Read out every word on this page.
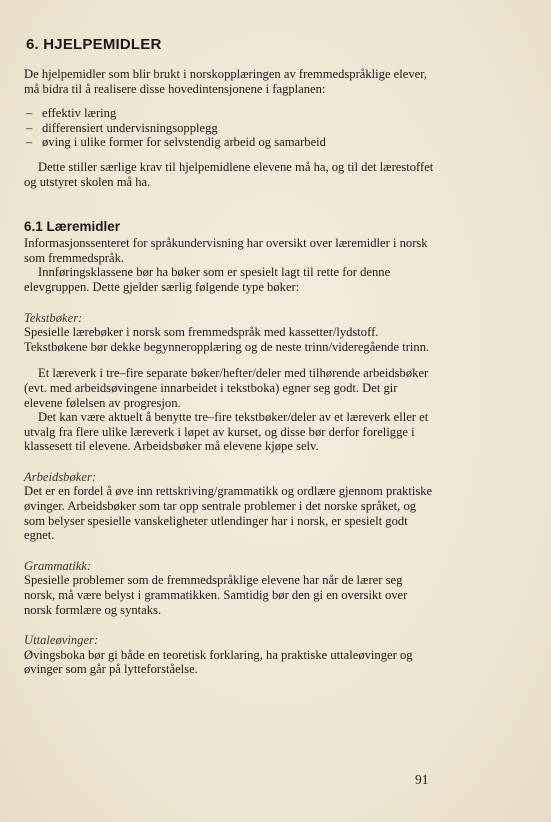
6. HJELPEMIDLER

De hjelpemidler som blir brukt i norskopplæringen av fremmedspråklige elever, må bidra til å realisere disse hovedintensjonene i fagplanen:

– effektiv læring
– differensiert undervisningsopplegg
– øving i ulike former for selvstendig arbeid og samarbeid

Dette stiller særlige krav til hjelpemidlene elevene må ha, og til det lærestoffet og utstyret skolen må ha.

6.1 Læremidler

Informasjonssenteret for språkundervisning har oversikt over læremidler i norsk som fremmedspråk.

Innføringsklassene bør ha bøker som er spesielt lagt til rette for denne elevgruppen. Dette gjelder særlig følgende type bøker:

Tekstbøker:

Spesielle lærebøker i norsk som fremmedspråk med kassetter/lydstoff. Tekstbøkene bør dekke begynneropplæring og de neste trinn/videregående trinn.

Et læreverk i tre–fire separate bøker/hefter/deler med tilhørende arbeidsbøker (evt. med arbeidsøvingene innarbeidet i tekstboka) egner seg godt. Det gir elevene følelsen av progresjon.

Det kan være aktuelt å benytte tre–fire tekstbøker/deler av et læreverk eller et utvalg fra flere ulike læreverk i løpet av kurset, og disse bør derfor foreligge i klassesett til elevene. Arbeidsbøker må elevene kjøpe selv.

Arbeidsbøker:

Det er en fordel å øve inn rettskriving/grammatikk og ordlære gjennom praktiske øvinger. Arbeidsbøker som tar opp sentrale problemer i det norske språket, og som belyser spesielle vanskeligheter utlendinger har i norsk, er spesielt godt egnet.

Grammatikk:

Spesielle problemer som de fremmedspråklige elevene har når de lærer seg norsk, må være belyst i grammatikken. Samtidig bør den gi en oversikt over norsk formlære og syntaks.

Uttaleøvinger:

Øvingsboka bør gi både en teoretisk forklaring, ha praktiske uttaleøvinger og øvinger som går på lytteforståelse.

91
